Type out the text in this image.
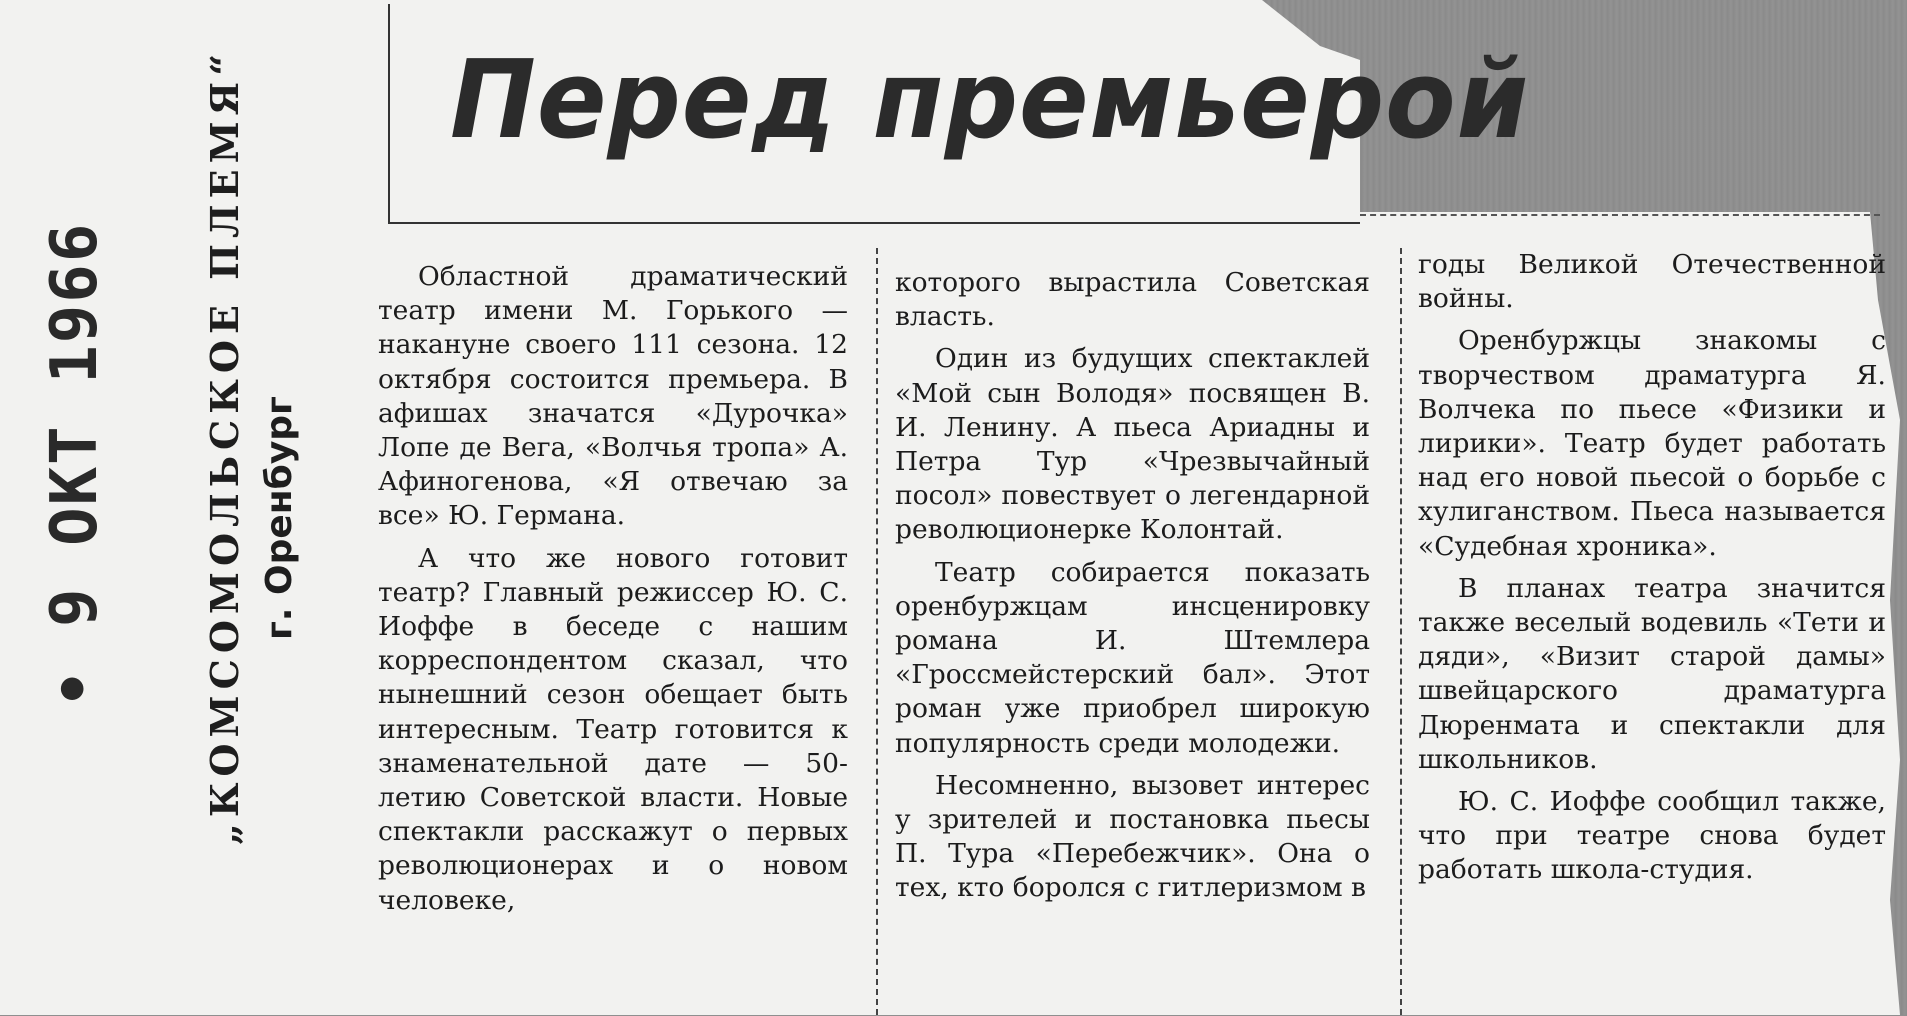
• 9 ОКТ 1966	„КОМСОМОЛЬСКОЕ ПЛЕМЯ“ г. Оренбург
Перед премьерой

Областной драматический театр имени М. Горького — накануне своего 111 сезона. 12 октября состоится премьера. В афишах значатся «Дурочка» Лопе де Вега, «Волчья тропа» А. Афиногенова, «Я отвечаю за все» Ю. Германа.

А что же нового готовит театр? Главный режиссер Ю. С. Иоффе в беседе с нашим корреспондентом сказал, что нынешний сезон обещает быть интересным. Театр готовится к знаменательной дате — 50-летию Советской власти. Новые спектакли расскажут о первых революционерах и о новом человеке,

которого вырастила Советская власть.

Один из будущих спектаклей «Мой сын Володя» посвящен В. И. Ленину. А пьеса Ариадны и Петра Тур «Чрезвычайный посол» повествует о легендарной революционерке Колонтай.

Театр собирается показать оренбуржцам инсценировку романа И. Штемлера «Гроссмейстерский бал». Этот роман уже приобрел широкую популярность среди молодежи.

Несомненно, вызовет интерес у зрителей и постановка пьесы П. Тура «Перебежчик». Она о тех, кто боролся с гитлеризмом в

годы Великой Отечественной войны.

Оренбуржцы знакомы с творчеством драматурга Я. Волчека по пьесе «Физики и лирики». Театр будет работать над его новой пьесой о борьбе с хулиганством. Пьеса называется «Судебная хроника».

В планах театра значится также веселый водевиль «Тети и дяди», «Визит старой дамы» швейцарского драматурга Дюренмата и спектакли для школьников.

Ю. С. Иоффе сообщил также, что при театре снова будет работать школа-студия.
